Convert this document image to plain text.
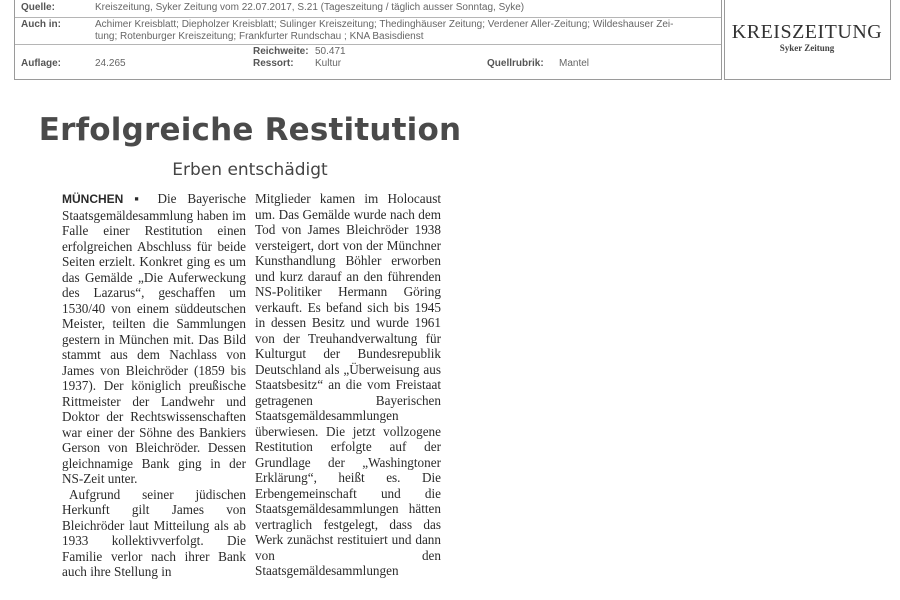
Quelle:	Kreiszeitung, Syker Zeitung vom 22.07.2017, S.21 (Tageszeitung / täglich ausser Sonntag, Syke)
Auch in:	Achimer Kreisblatt; Diepholzer Kreisblatt; Sulinger Kreiszeitung; Thedinghäuser Zeitung; Verdener Aller-Zeitung; Wildeshauser Zei-
tung; Rotenburger Kreiszeitung; Frankfurter Rundschau ; KNA Basisdienst
Reichweite: 50.471
Auflage:	24.265	Ressort: Kultur	Quellrubrik: Mantel
KREISZEITUNG
Syker Zeitung
Erfolgreiche Restitution
Erben entschädigt

MÜNCHEN ▪ Die Bayerische Staatsgemäldesammlung haben im Falle einer Restitution einen erfolgreichen Abschluss für beide Seiten erzielt. Konkret ging es um das Gemälde „Die Auferweckung des Lazarus“, geschaffen um 1530/40 von einem süddeutschen Meister, teilten die Sammlungen gestern in München mit. Das Bild stammt aus dem Nachlass von James von Bleichröder (1859 bis 1937). Der königlich preußische Rittmeister der Landwehr und Doktor der Rechtswissenschaften war einer der Söhne des Bankiers Gerson von Bleichröder. Dessen gleichnamige Bank ging in der NS-Zeit unter.

Aufgrund seiner jüdischen Herkunft gilt James von Bleichröder laut Mitteilung als ab 1933 kollektivverfolgt. Die Familie verlor nach ihrer Bank auch ihre Stellung in

Mitglieder kamen im Holocaust um. Das Gemälde wurde nach dem Tod von James Bleichröder 1938 versteigert, dort von der Münchner Kunsthandlung Böhler erworben und kurz darauf an den führenden NS-Politiker Hermann Göring verkauft. Es befand sich bis 1945 in dessen Besitz und wurde 1961 von der Treuhandverwaltung für Kulturgut der Bundesrepublik Deutschland als „Überweisung aus Staatsbesitz“ an die vom Freistaat getragenen Bayerischen Staatsgemäldesammlungen überwiesen. Die jetzt vollzogene Restitution erfolgte auf der Grundlage der „Washingtoner Erklärung“, heißt es. Die Erbengemeinschaft und die Staatsgemäldesammlungen hätten vertraglich festgelegt, dass das Werk zunächst restituiert und dann von den Staatsgemäldesammlungen
